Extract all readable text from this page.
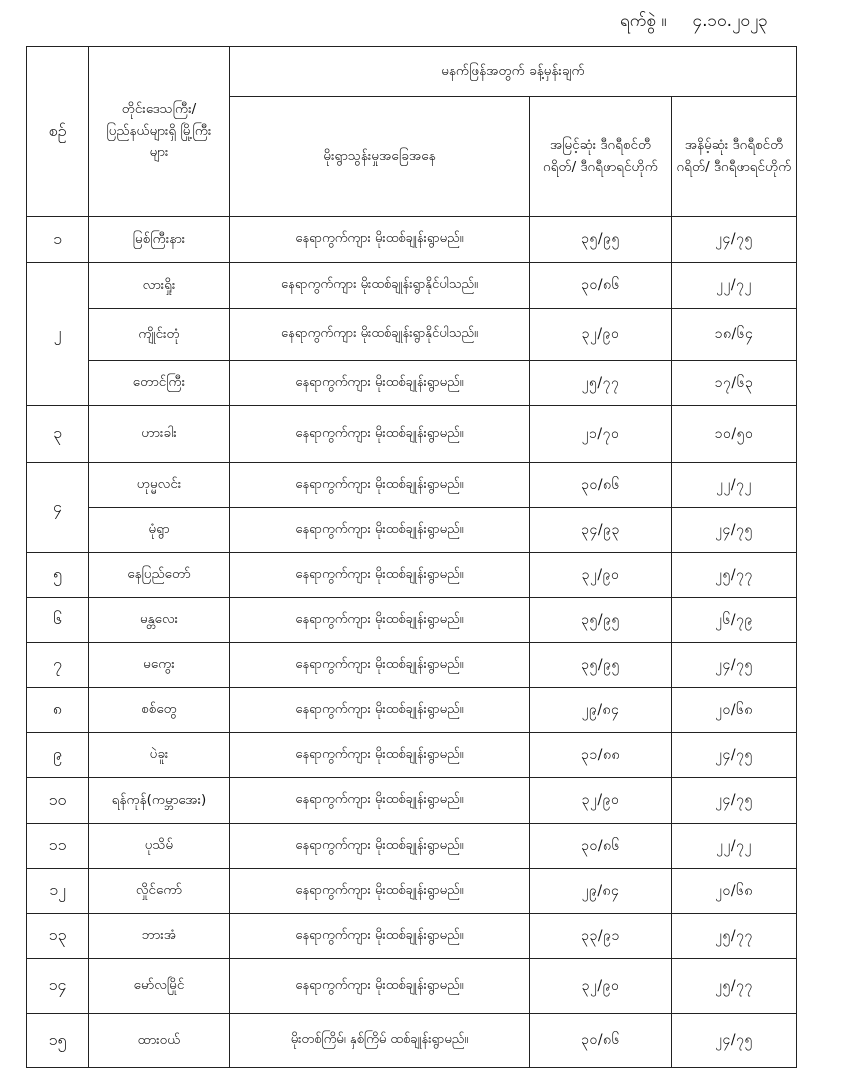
ရက်စွဲ ။ ၄.၁၀.၂၀၂၃
စဉ်	တိုင်းဒေသကြီး/ ပြည်နယ်များရှိ မြို့ကြီးများ	မနက်ဖြန်အတွက် ခန့်မှန်းချက်		
		မိုးရွာသွန်းမှုအခြေအနေ	အမြင့်ဆုံး ဒီဂရီစင်တီဂရိတ်/ ဒီဂရီဖာရင်ဟိုက်	အနိမ့်ဆုံး ဒီဂရီစင်တီဂရိတ်/ ဒီဂရီဖာရင်ဟိုက်
၁	မြစ်ကြီးနား	နေရာကွက်ကျား မိုးထစ်ချုန်းရွာမည်။	၃၅/၉၅	၂၄/၇၅
၂	လားရှိုး	နေရာကွက်ကျား မိုးထစ်ချုန်းရွာနိုင်ပါသည်။	၃၀/၈၆	၂၂/၇၂
	ကျိုင်းတုံ	နေရာကွက်ကျား မိုးထစ်ချုန်းရွာနိုင်ပါသည်။	၃၂/၉၀	၁၈/၆၄
	တောင်ကြီး	နေရာကွက်ကျား မိုးထစ်ချုန်းရွာမည်။	၂၅/၇၇	၁၇/၆၃
၃	ဟားခါး	နေရာကွက်ကျား မိုးထစ်ချုန်းရွာမည်။	၂၁/၇၀	၁၀/၅၀
၄	ဟုမ္မလင်း	နေရာကွက်ကျား မိုးထစ်ချုန်းရွာမည်။	၃၀/၈၆	၂၂/၇၂
	မုံရွာ	နေရာကွက်ကျား မိုးထစ်ချုန်းရွာမည်။	၃၄/၉၃	၂၄/၇၅
၅	နေပြည်တော်	နေရာကွက်ကျား မိုးထစ်ချုန်းရွာမည်။	၃၂/၉၀	၂၅/၇၇
၆	မန္တလေး	နေရာကွက်ကျား မိုးထစ်ချုန်းရွာမည်။	၃၅/၉၅	၂၆/၇၉
၇	မကွေး	နေရာကွက်ကျား မိုးထစ်ချုန်းရွာမည်။	၃၅/၉၅	၂၄/၇၅
၈	စစ်တွေ	နေရာကွက်ကျား မိုးထစ်ချုန်းရွာမည်။	၂၉/၈၄	၂၀/၆၈
၉	ပဲခူး	နေရာကွက်ကျား မိုးထစ်ချုန်းရွာမည်။	၃၁/၈၈	၂၄/၇၅
၁၀	ရန်ကုန်(ကမ္ဘာအေး)	နေရာကွက်ကျား မိုးထစ်ချုန်းရွာမည်။	၃၂/၉၀	၂၄/၇၅
၁၁	ပုသိမ်	နေရာကွက်ကျား မိုးထစ်ချုန်းရွာမည်။	၃၀/၈၆	၂၂/၇၂
၁၂	လှိုင်ကော်	နေရာကွက်ကျား မိုးထစ်ချုန်းရွာမည်။	၂၉/၈၄	၂၀/၆၈
၁၃	ဘားအံ	နေရာကွက်ကျား မိုးထစ်ချုန်းရွာမည်။	၃၃/၉၁	၂၅/၇၇
၁၄	မော်လမြိုင်	နေရာကွက်ကျား မိုးထစ်ချုန်းရွာမည်။	၃၂/၉၀	၂၅/၇၇
၁၅	ထားဝယ်	မိုးတစ်ကြိမ်၊ နှစ်ကြိမ် ထစ်ချုန်းရွာမည်။	၃၀/၈၆	၂၄/၇၅
